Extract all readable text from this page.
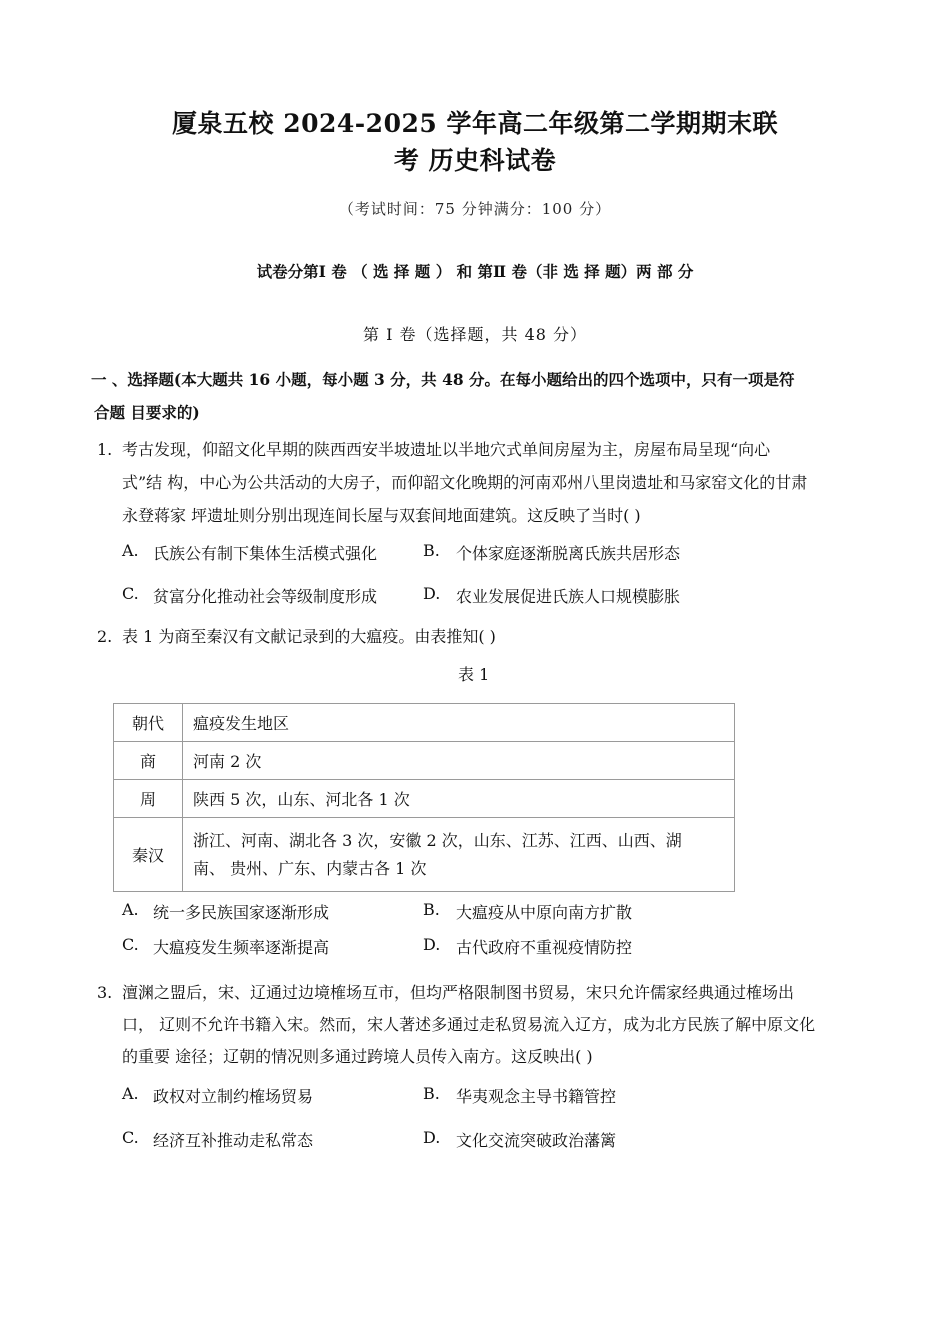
厦泉五校 2024-2025 学年高二年级第二学期期末联
考 历史科试卷
（考试时间：75 分钟满分：100 分）
试卷分第Ⅰ 卷 （ 选 择 题 ） 和 第Ⅱ 卷（非 选 择 题）两 部 分
第 Ⅰ 卷（选择题，共 48 分）
一 、选择题(本大题共 16 小题，每小题 3 分，共 48 分。在每小题给出的四个选项中，只有一项是符
合题 目要求的)
1. 考古发现，仰韶文化早期的陕西西安半坡遗址以半地穴式单间房屋为主，房屋布局呈现“向心
式”结 构，中心为公共活动的大房子，而仰韶文化晚期的河南邓州八里岗遗址和马家窑文化的甘肃
永登蒋家 坪遗址则分别出现连间长屋与双套间地面建筑。这反映了当时( )
A. 氏族公有制下集体生活模式强化	B. 个体家庭逐渐脱离氏族共居形态
C. 贫富分化推动社会等级制度形成	D. 农业发展促进氏族人口规模膨胀
2. 表 1 为商至秦汉有文献记录到的大瘟疫。由表推知( )
表 1
朝代	瘟疫发生地区
商	河南 2 次
周	陕西 5 次，山东、河北各 1 次
秦汉	浙江、河南、湖北各 3 次，安徽 2 次，山东、江苏、江西、山西、湖
南、 贵州、广东、内蒙古各 1 次
A. 统一多民族国家逐渐形成	B. 大瘟疫从中原向南方扩散
C. 大瘟疫发生频率逐渐提高	D. 古代政府不重视疫情防控
3. 澶渊之盟后，宋、辽通过边境榷场互市，但均严格限制图书贸易，宋只允许儒家经典通过榷场出
口， 辽则不允许书籍入宋。然而，宋人著述多通过走私贸易流入辽方，成为北方民族了解中原文化
的重要 途径；辽朝的情况则多通过跨境人员传入南方。这反映出( )
A. 政权对立制约榷场贸易	B. 华夷观念主导书籍管控
C. 经济互补推动走私常态	D. 文化交流突破政治藩篱
